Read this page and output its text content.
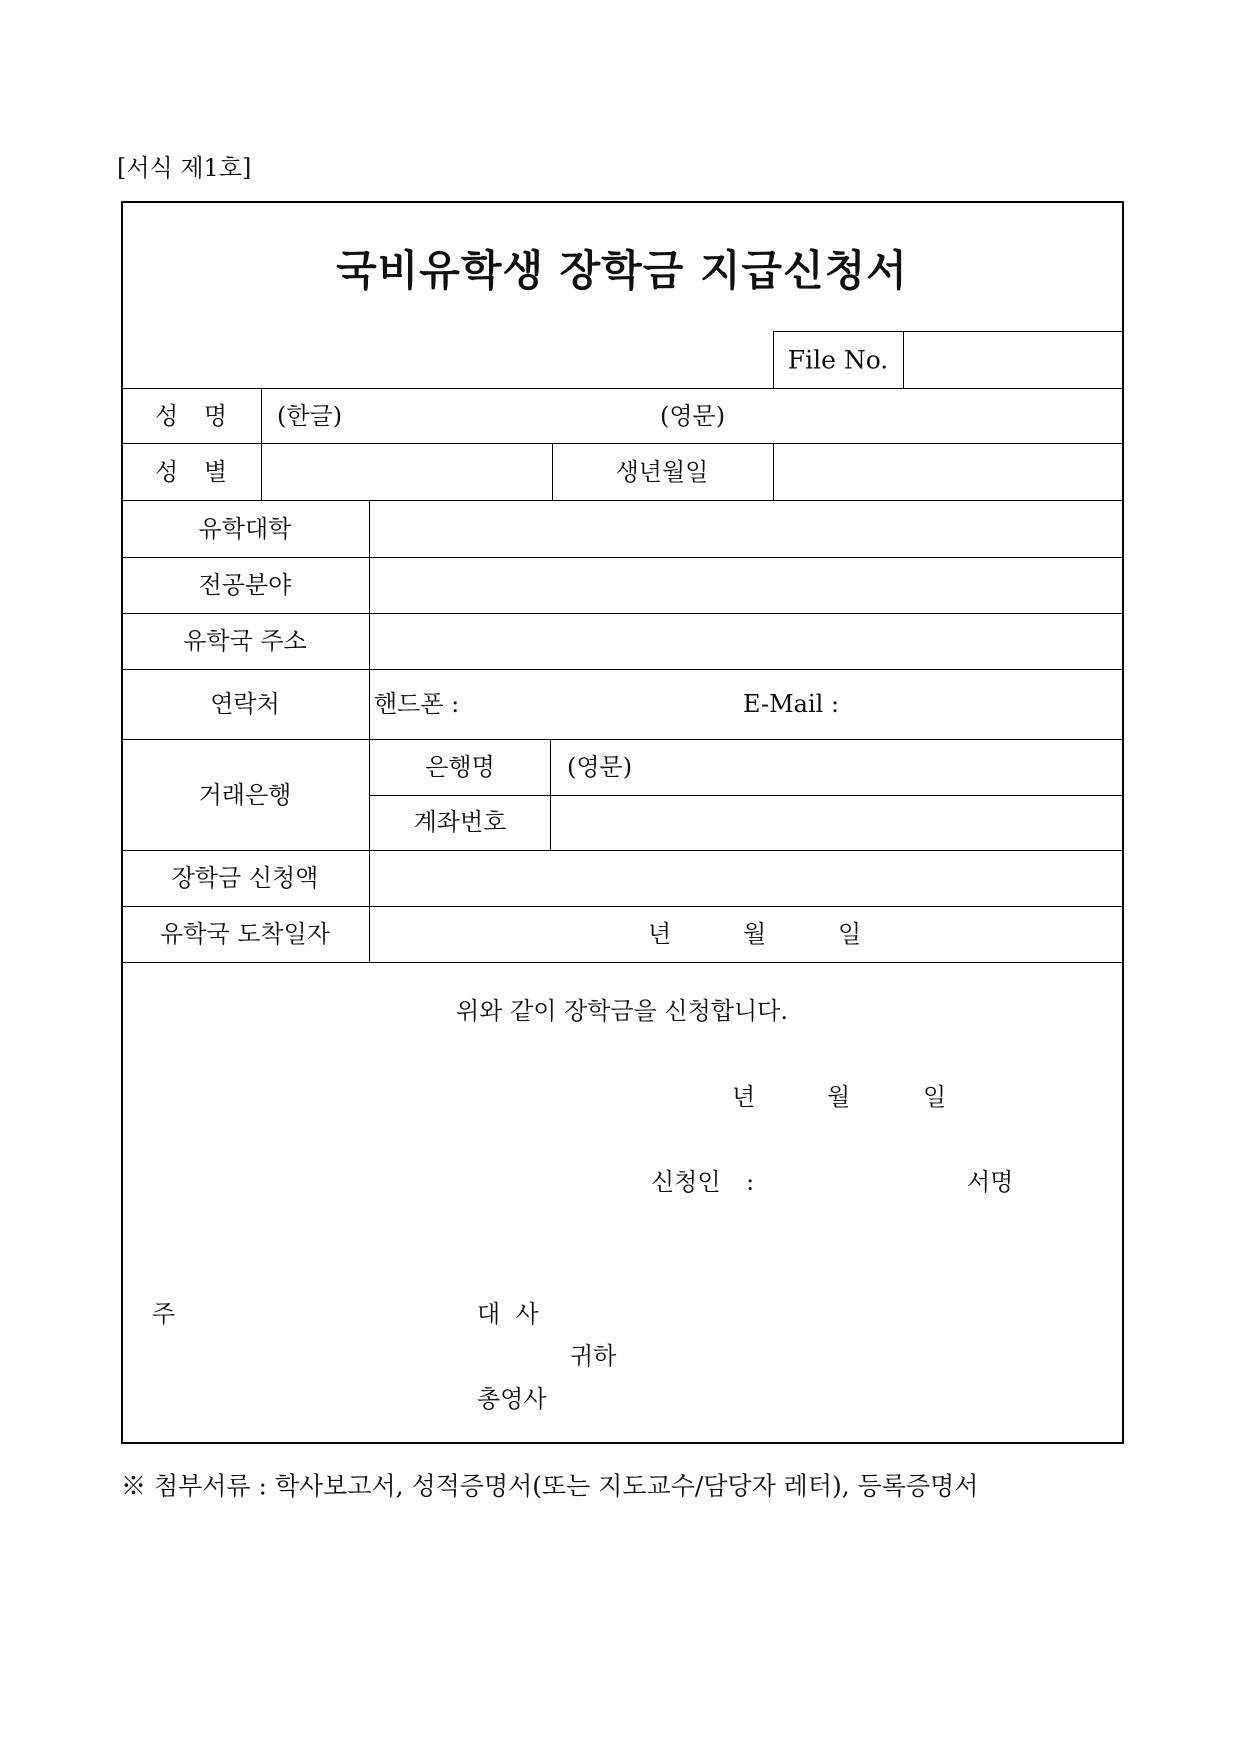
[서식 제1호]
국비유학생 장학금 지급신청서
File No.
성 명 (한글)	(영문)
성 별	생년월일
유학대학
전공분야
유학국 주소
연락처	핸드폰 :	E-Mail :
거래은행
은행명	(영문)
계좌번호
장학금 신청액
유학국 도착일자	년	월	일
위와 같이 장학금을 신청합니다.
년	월	일
신청인 :	서명
주	대  사
귀하
총영사
※ 첨부서류 : 학사보고서, 성적증명서(또는 지도교수/담당자 레터), 등록증명서
